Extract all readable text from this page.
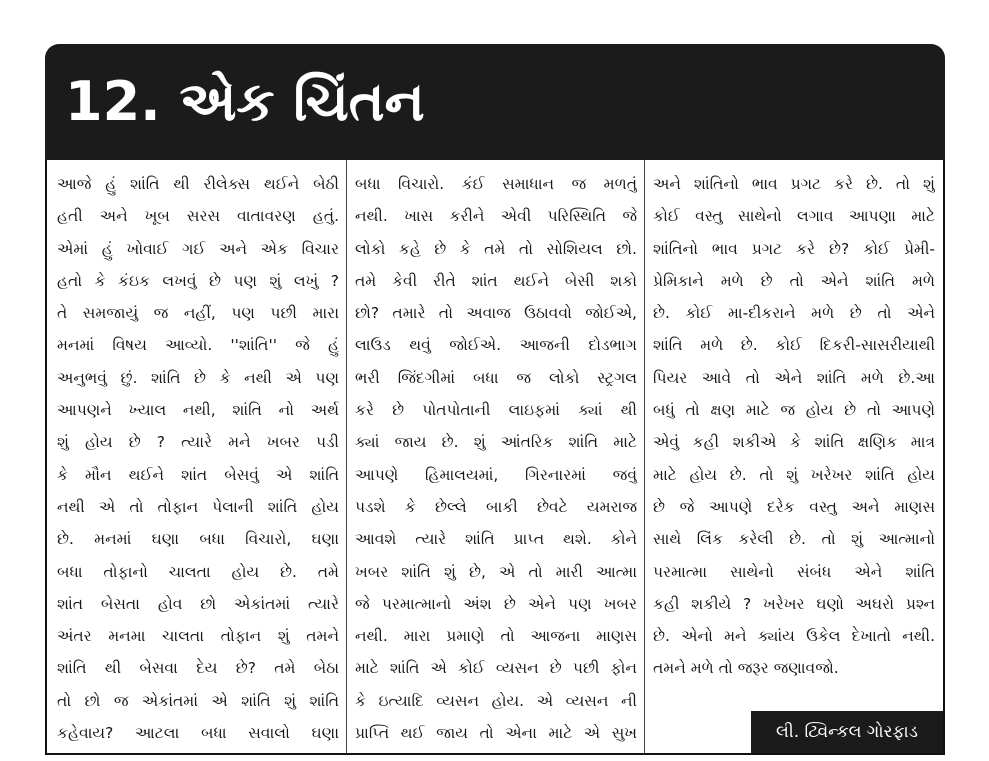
12. એક ચિંતન

આજે હું શાંતિ થી રીલેક્સ થઈને બેઠી

હતી અને ખૂબ સરસ વાતાવરણ હતું.

એમાં હું ખોવાઈ ગઈ અને એક વિચાર

હતો કે કંઇક લખવું છે પણ શું લખું ?

તે સમજાયું જ નહીં, પણ પછી મારા

મનમાં વિષય આવ્યો. ''શાંતિ'' જે હું

અનુભવું છું. શાંતિ છે કે નથી એ પણ

આપણને ખ્યાલ નથી, શાંતિ નો અર્થ

શું હોય છે ? ત્યારે મને ખબર પડી

કે મૌન થઈને શાંત બેસવું એ શાંતિ

નથી એ તો તોફાન પેલાની શાંતિ હોય

છે. મનમાં ઘણા બધા વિચારો, ઘણા

બધા તોફાનો ચાલતા હોય છે. તમે

શાંત બેસતા હોવ છો એકાંતમાં ત્યારે

અંતર મનમા ચાલતા તોફાન શું તમને

શાંતિ થી બેસવા દેય છે? તમે બેઠા

તો છો જ એકાંતમાં એ શાંતિ શું શાંતિ

કહેવાય? આટલા બધા સવાલો ઘણા

બધા વિચારો. કંઈ સમાધાન જ મળતું

નથી. ખાસ કરીને એવી પરિસ્થિતિ જે

લોકો કહે છે કે તમે તો સોશિયલ છો.

તમે કેવી રીતે શાંત થઈને બેસી શકો

છો? તમારે તો અવાજ ઉઠાવવો જોઈએ,

લાઉડ થવું જોઈએ. આજની દોડભાગ

ભરી જિંદગીમાં બધા જ લોકો સ્ટ્રગલ

કરે છે પોતપોતાની લાઇફમાં ક્યાં થી

ક્યાં જાય છે. શું આંતરિક શાંતિ માટે

આપણે હિમાલયમાં, ગિરનારમાં જવું

પડશે કે છેલ્લે બાકી છેવટે યમરાજ

આવશે ત્યારે શાંતિ પ્રાપ્ત થશે. કોને

ખબર શાંતિ શું છે, એ તો મારી આત્મા

જે પરમાત્માનો અંશ છે એને પણ ખબર

નથી. મારા પ્રમાણે તો આજના માણસ

માટે શાંતિ એ કોઈ વ્યસન છે પછી ફોન

કે ઇત્યાદિ વ્યસન હોય. એ વ્યસન ની

પ્રાપ્તિ થઈ જાય તો એના માટે એ સુખ

અને શાંતિનો ભાવ પ્રગટ કરે છે. તો શું

કોઈ વસ્તુ સાથેનો લગાવ આપણા માટે

શાંતિનો ભાવ પ્રગટ કરે છે? કોઈ પ્રેમી-

પ્રેમિકાને મળે છે તો એને શાંતિ મળે

છે. કોઈ મા-દીકરાને મળે છે તો એને

શાંતિ મળે છે. કોઈ દિકરી-સાસરીયાથી

પિયર આવે તો એને શાંતિ મળે છે.આ

બધું તો ક્ષણ માટે જ હોય છે તો આપણે

એવું કહી શકીએ કે શાંતિ ક્ષણિક માત્ર

માટે હોય છે. તો શું ખરેખર શાંતિ હોય

છે જે આપણે દરેક વસ્તુ અને માણસ

સાથે લિંક કરેલી છે. તો શું આત્માનો

પરમાત્મા સાથેનો સંબંધ એને શાંતિ

કહી શકીયે ? ખરેખર ઘણો અઘરો પ્રશ્ન

છે. એનો મને ક્યાંય ઉકેલ દેખાતો નથી.

તમને મળે તો જરૂર જણાવજો.

લી. ટ્વિન્કલ ગોરફાડ
